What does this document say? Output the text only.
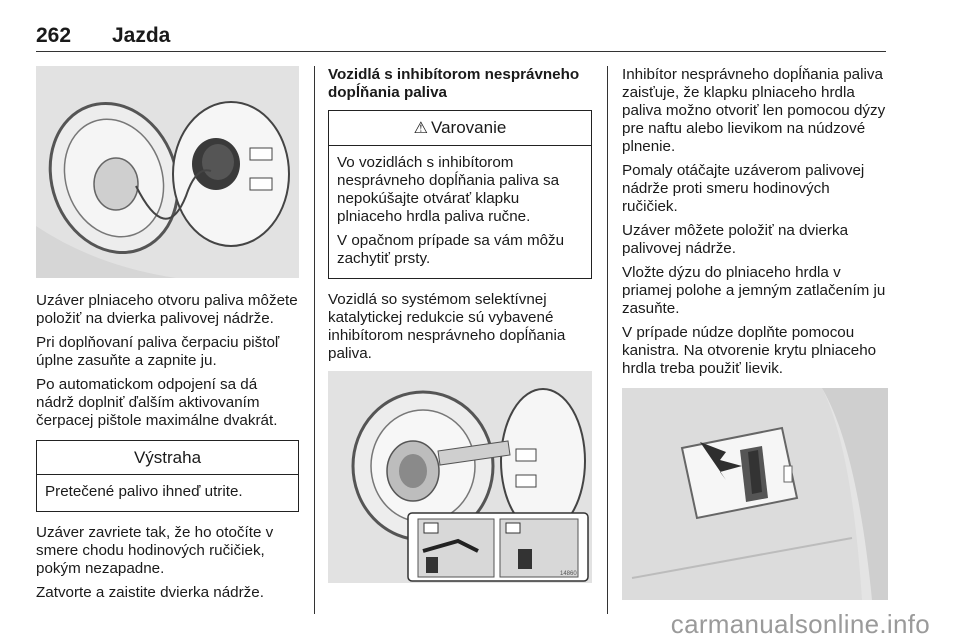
262 Jazda

Uzáver plniaceho otvoru paliva môžete položiť na dvierka palivovej nádrže.

Pri doplňovaní paliva čerpaciu pištoľ úplne zasuňte a zapnite ju.

Po automatickom odpojení sa dá nádrž doplniť ďalším aktivovaním čerpacej pištole maximálne dvakrát.

Výstraha

Pretečené palivo ihneď utrite.

Uzáver zavriete tak, že ho otočíte v smere chodu hodinových ručičiek, pokým nezapadne.

Zatvorte a zaistite dvierka nádrže.

Vozidlá s inhibítorom nesprávneho dopĺňania paliva
⚠ Varovanie

Vo vozidlách s inhibítorom nesprávneho dopĺňania paliva sa nepokúšajte otvárať klapku plniaceho hrdla paliva ručne.

V opačnom prípade sa vám môžu zachytiť prsty.

Vozidlá so systémom selektívnej katalytickej redukcie sú vybavené inhibítorom nesprávneho dopĺňania paliva.

14860

Inhibítor nesprávneho dopĺňania paliva zaisťuje, že klapku plniaceho hrdla paliva možno otvoriť len pomocou dýzy pre naftu alebo lievikom na núdzové plnenie.

Pomaly otáčajte uzáverom palivovej nádrže proti smeru hodinových ručičiek.

Uzáver môžete položiť na dvierka palivovej nádrže.

Vložte dýzu do plniaceho hrdla v priamej polohe a jemným zatlačením ju zasuňte.

V prípade núdze doplňte pomocou kanistra. Na otvorenie krytu plniaceho hrdla treba použiť lievik.

carmanualsonline.info
